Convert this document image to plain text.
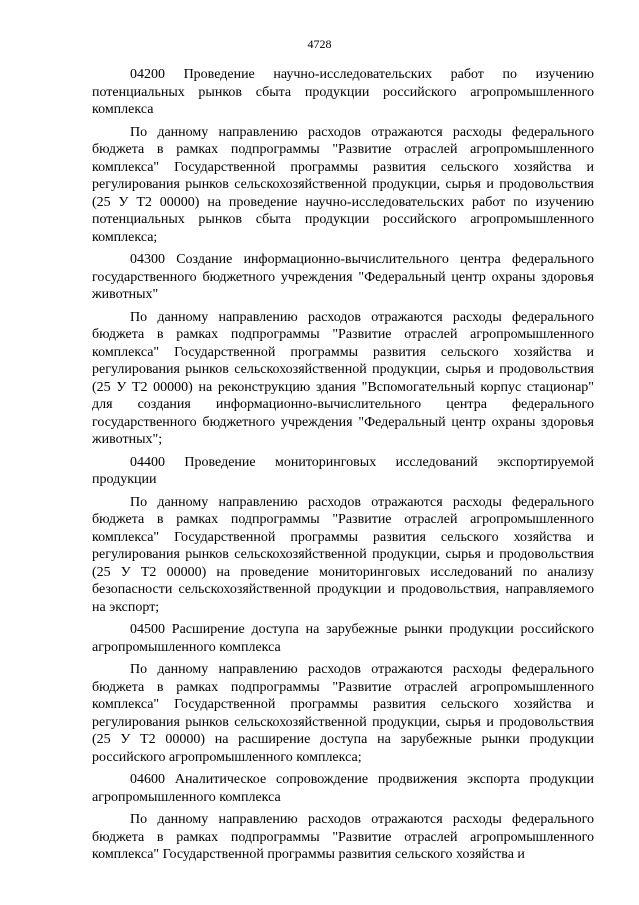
4728

04200 Проведение научно-исследовательских работ по изучению потенциальных рынков сбыта продукции российского агропромышленного комплекса

По данному направлению расходов отражаются расходы федерального бюджета в рамках подпрограммы "Развитие отраслей агропромышленного комплекса" Государственной программы развития сельского хозяйства и регулирования рынков сельскохозяйственной продукции, сырья и продовольствия (25 У Т2 00000) на проведение научно-исследовательских работ по изучению потенциальных рынков сбыта продукции российского агропромышленного комплекса;

04300 Создание информационно-вычислительного центра федерального государственного бюджетного учреждения "Федеральный центр охраны здоровья животных"

По данному направлению расходов отражаются расходы федерального бюджета в рамках подпрограммы "Развитие отраслей агропромышленного комплекса" Государственной программы развития сельского хозяйства и регулирования рынков сельскохозяйственной продукции, сырья и продовольствия (25 У Т2 00000) на реконструкцию здания "Вспомогательный корпус стационар" для создания информационно-вычислительного центра федерального государственного бюджетного учреждения "Федеральный центр охраны здоровья животных";

04400 Проведение мониторинговых исследований экспортируемой продукции

По данному направлению расходов отражаются расходы федерального бюджета в рамках подпрограммы "Развитие отраслей агропромышленного комплекса" Государственной программы развития сельского хозяйства и регулирования рынков сельскохозяйственной продукции, сырья и продовольствия (25 У Т2 00000) на проведение мониторинговых исследований по анализу безопасности сельскохозяйственной продукции и продовольствия, направляемого на экспорт;

04500 Расширение доступа на зарубежные рынки продукции российского агропромышленного комплекса

По данному направлению расходов отражаются расходы федерального бюджета в рамках подпрограммы "Развитие отраслей агропромышленного комплекса" Государственной программы развития сельского хозяйства и регулирования рынков сельскохозяйственной продукции, сырья и продовольствия (25 У Т2 00000) на расширение доступа на зарубежные рынки продукции российского агропромышленного комплекса;

04600 Аналитическое сопровождение продвижения экспорта продукции агропромышленного комплекса

По данному направлению расходов отражаются расходы федерального бюджета в рамках подпрограммы "Развитие отраслей агропромышленного комплекса" Государственной программы развития сельского хозяйства и
